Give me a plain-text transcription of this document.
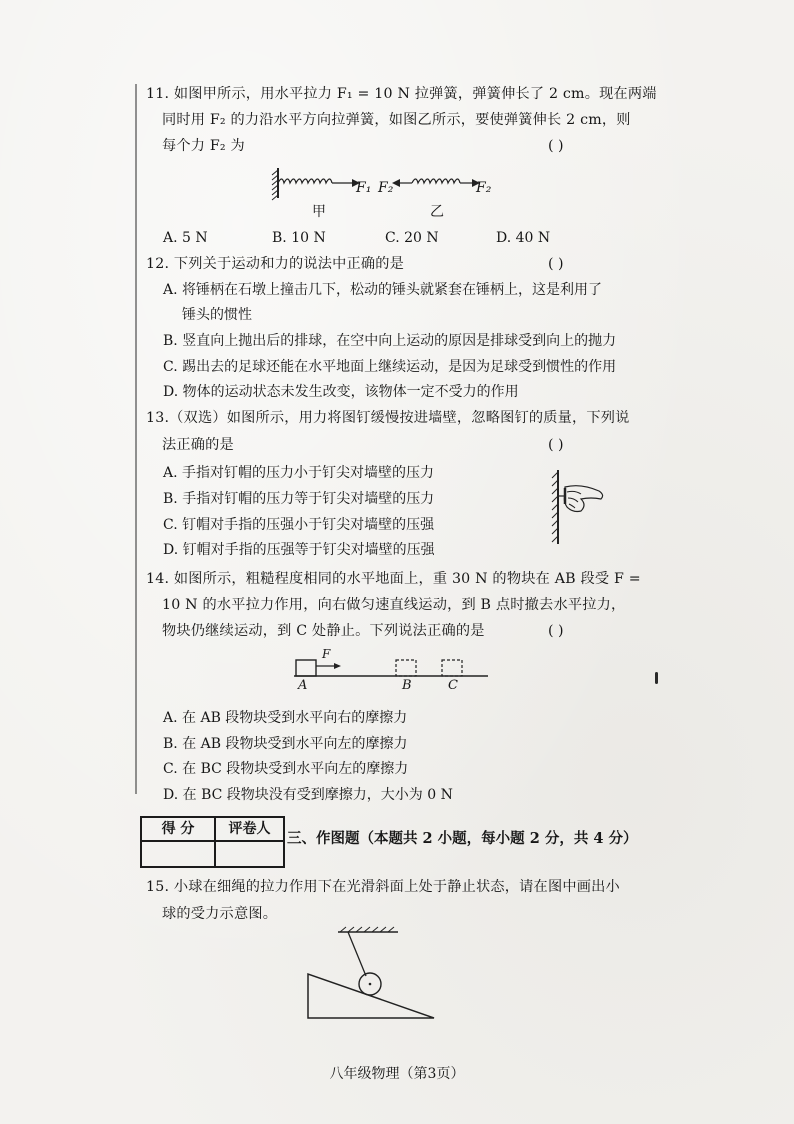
11. 如图甲所示，用水平拉力 F₁ = 10 N 拉弹簧，弹簧伸长了 2 cm。现在两端
同时用 F₂ 的力沿水平方向拉弹簧，如图乙所示，要使弹簧伸长 2 cm，则
每个力 F₂ 为	( )
F₁
甲
F₂	F₂
乙
A. 5 N	B. 10 N	C. 20 N	D. 40 N
12. 下列关于运动和力的说法中正确的是	( )
A. 将锤柄在石墩上撞击几下，松动的锤头就紧套在锤柄上，这是利用了
锤头的惯性
B. 竖直向上抛出后的排球，在空中向上运动的原因是排球受到向上的抛力
C. 踢出去的足球还能在水平地面上继续运动，是因为足球受到惯性的作用
D. 物体的运动状态未发生改变，该物体一定不受力的作用
13.（双选）如图所示，用力将图钉缓慢按进墙壁，忽略图钉的质量，下列说
法正确的是	( )
A. 手指对钉帽的压力小于钉尖对墙壁的压力
B. 手指对钉帽的压力等于钉尖对墙壁的压力
C. 钉帽对手指的压强小于钉尖对墙壁的压强
D. 钉帽对手指的压强等于钉尖对墙壁的压强
14. 如图所示，粗糙程度相同的水平地面上，重 30 N 的物块在 AB 段受 F =
10 N 的水平拉力作用，向右做匀速直线运动，到 B 点时撤去水平拉力，
物块仍继续运动，到 C 处静止。下列说法正确的是	( )
F
A	B	C
A. 在 AB 段物块受到水平向右的摩擦力
B. 在 AB 段物块受到水平向左的摩擦力
C. 在 BC 段物块受到水平向左的摩擦力
D. 在 BC 段物块没有受到摩擦力，大小为 0 N
得 分	评卷人
三、作图题（本题共 2 小题，每小题 2 分，共 4 分）
15. 小球在细绳的拉力作用下在光滑斜面上处于静止状态，请在图中画出小
球的受力示意图。
八年级物理（第3页）
